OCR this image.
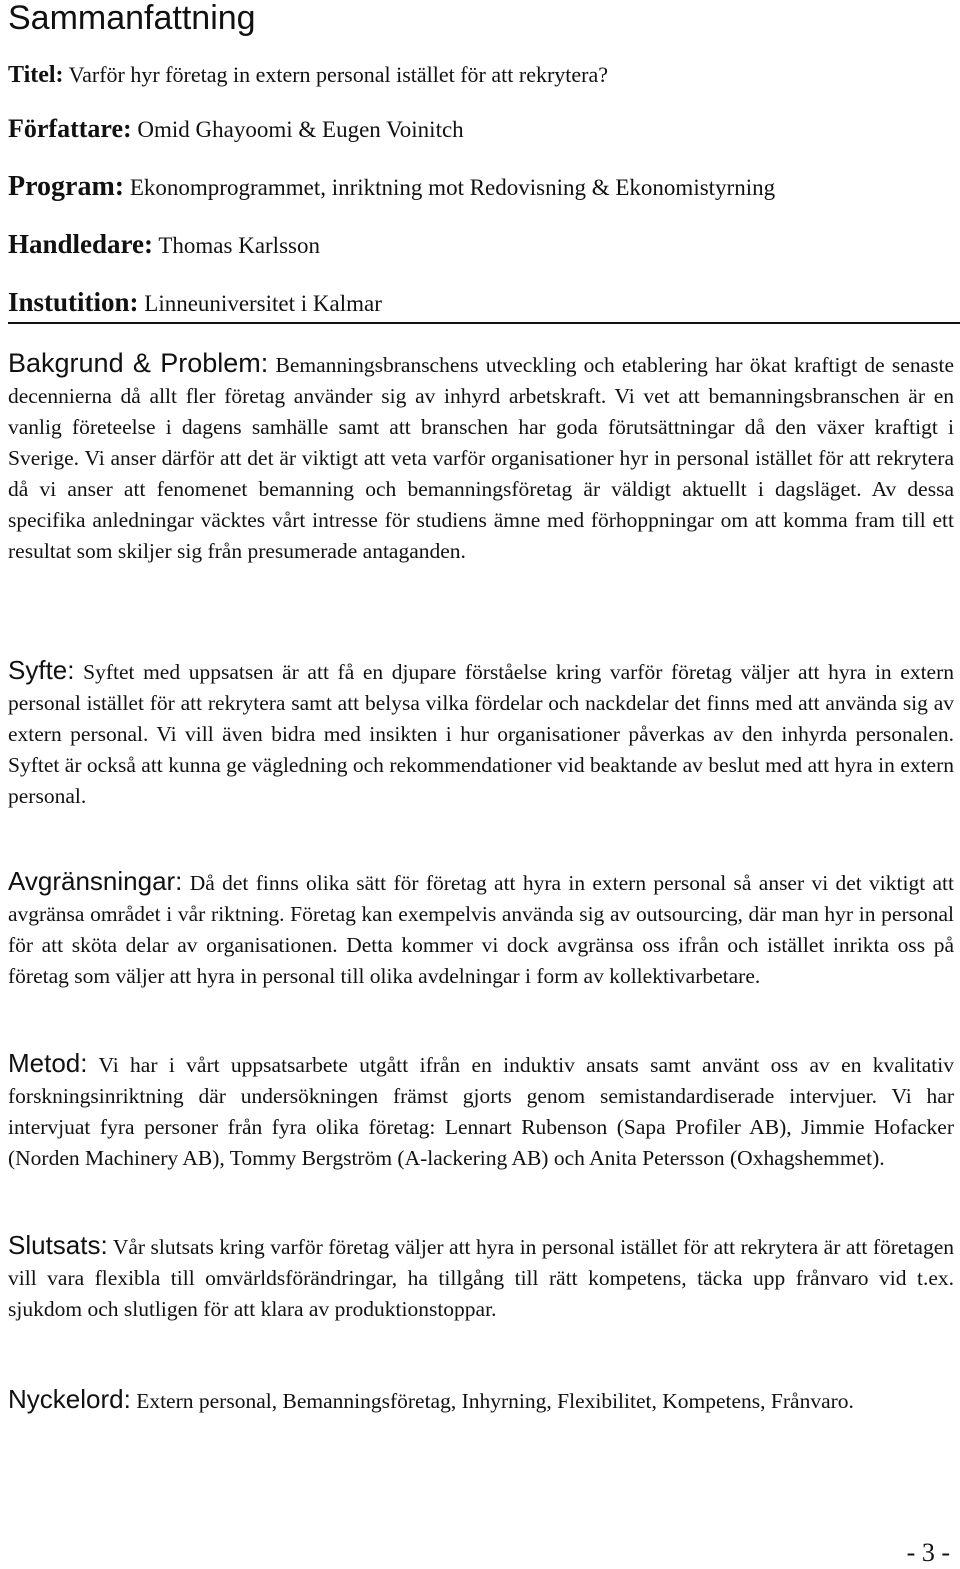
Sammanfattning
Titel: Varför hyr företag in extern personal istället för att rekrytera?
Författare: Omid Ghayoomi & Eugen Voinitch
Program: Ekonomprogrammet, inriktning mot Redovisning & Ekonomistyrning
Handledare: Thomas Karlsson
Instutition: Linneuniversitet i Kalmar

Bakgrund & Problem: Bemanningsbranschens utveckling och etablering har ökat kraftigt de senaste decennierna då allt fler företag använder sig av inhyrd arbetskraft. Vi vet att bemanningsbranschen är en vanlig företeelse i dagens samhälle samt att branschen har goda förutsättningar då den växer kraftigt i Sverige. Vi anser därför att det är viktigt att veta varför organisationer hyr in personal istället för att rekrytera då vi anser att fenomenet bemanning och bemanningsföretag är väldigt aktuellt i dagsläget. Av dessa specifika anledningar väcktes vårt intresse för studiens ämne med förhoppningar om att komma fram till ett resultat som skiljer sig från presumerade antaganden.

Syfte: Syftet med uppsatsen är att få en djupare förståelse kring varför företag väljer att hyra in extern personal istället för att rekrytera samt att belysa vilka fördelar och nackdelar det finns med att använda sig av extern personal. Vi vill även bidra med insikten i hur organisationer påverkas av den inhyrda personalen. Syftet är också att kunna ge vägledning och rekommendationer vid beaktande av beslut med att hyra in extern personal.

Avgränsningar: Då det finns olika sätt för företag att hyra in extern personal så anser vi det viktigt att avgränsa området i vår riktning. Företag kan exempelvis använda sig av outsourcing, där man hyr in personal för att sköta delar av organisationen. Detta kommer vi dock avgränsa oss ifrån och istället inrikta oss på företag som väljer att hyra in personal till olika avdelningar i form av kollektivarbetare.

Metod: Vi har i vårt uppsatsarbete utgått ifrån en induktiv ansats samt använt oss av en kvalitativ forskningsinriktning där undersökningen främst gjorts genom semistandardiserade intervjuer. Vi har intervjuat fyra personer från fyra olika företag: Lennart Rubenson (Sapa Profiler AB), Jimmie Hofacker (Norden Machinery AB), Tommy Bergström (A-lackering AB) och Anita Petersson (Oxhagshemmet).

Slutsats: Vår slutsats kring varför företag väljer att hyra in personal istället för att rekrytera är att företagen vill vara flexibla till omvärldsförändringar, ha tillgång till rätt kompetens, täcka upp frånvaro vid t.ex. sjukdom och slutligen för att klara av produktionstoppar.

Nyckelord: Extern personal, Bemanningsföretag, Inhyrning, Flexibilitet, Kompetens, Frånvaro.

- 3 -
